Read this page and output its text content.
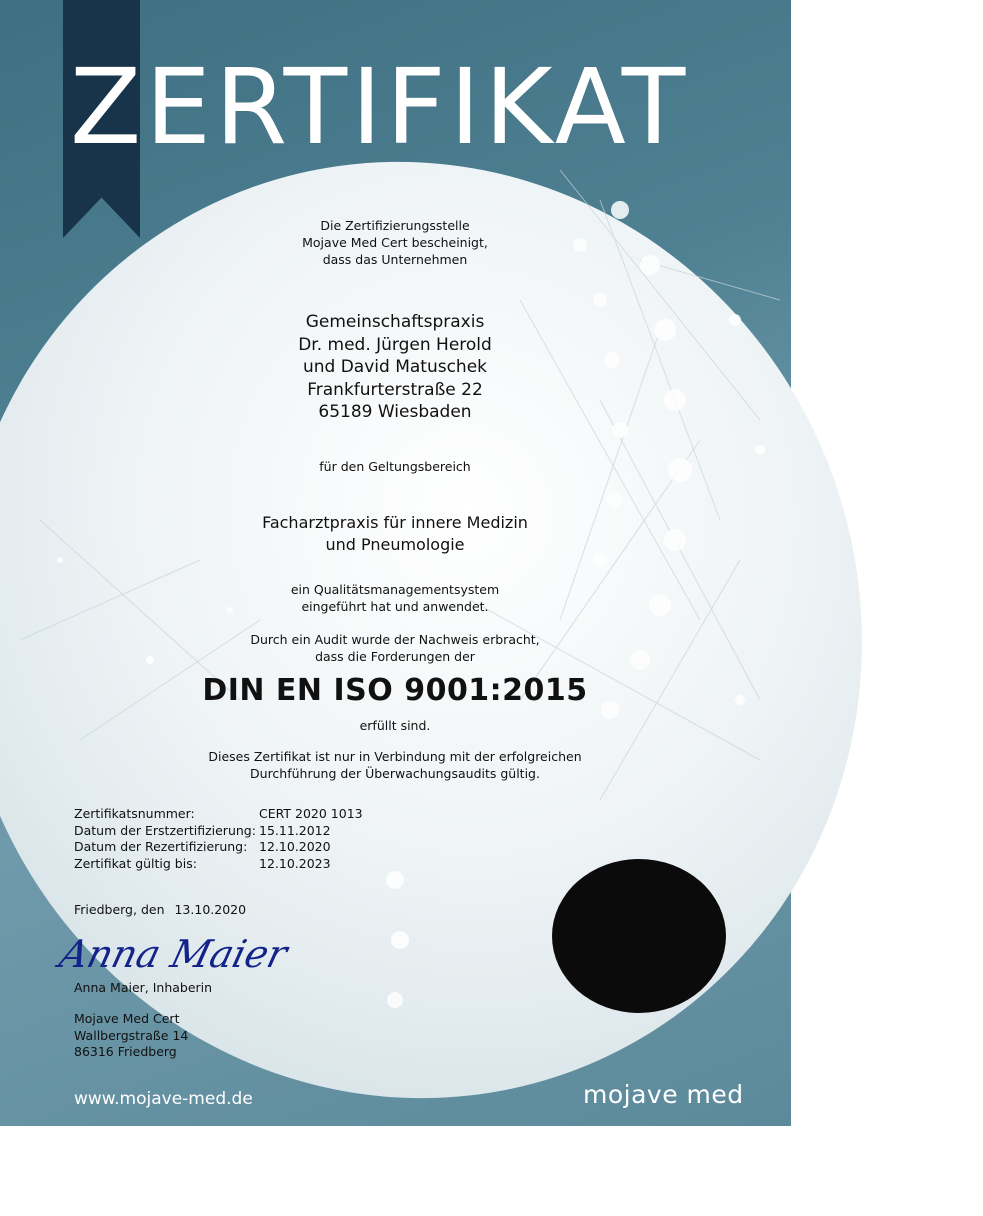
ZERTIFIKAT
Die Zertifizierungsstelle
Mojave Med Cert bescheinigt,
dass das Unternehmen
Gemeinschaftspraxis
Dr. med. Jürgen Herold
und David Matuschek
Frankfurterstraße 22
65189 Wiesbaden
für den Geltungsbereich
Facharztpraxis für innere Medizin
und Pneumologie
ein Qualitätsmanagementsystem
eingeführt hat und anwendet.
Durch ein Audit wurde der Nachweis erbracht,
dass die Forderungen der
DIN EN ISO 9001:2015
erfüllt sind.
Dieses Zertifikat ist nur in Verbindung mit der erfolgreichen
Durchführung der Überwachungsaudits gültig.
Zertifikatsnummer:
Datum der Erstzertifizierung:
Datum der Rezertifizierung:
Zertifikat gültig bis:
CERT 2020 1013
15.11.2012
12.10.2020
12.10.2023
Friedberg, den 13.10.2020
Anna Maier
Anna Maier, Inhaberin
Mojave Med Cert
Wallbergstraße 14
86316 Friedberg
www.mojave-med.de	mojave med
